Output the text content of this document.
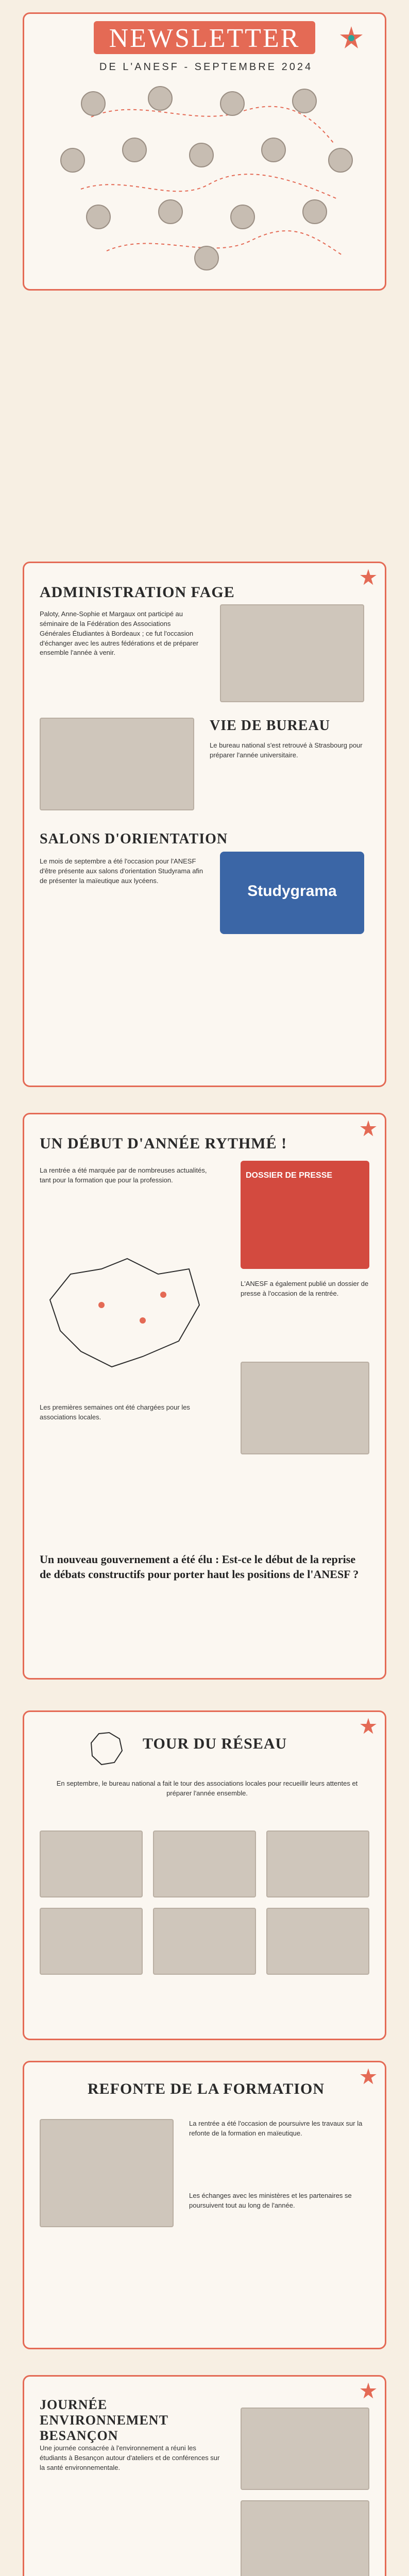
NEWSLETTER
DE L'ANESF - SEPTEMBRE 2024
ADMINISTRATION FAGE
Paloty, Anne-Sophie et Margaux ont participé au séminaire de la Fédération des Associations Générales Étudiantes à Bordeaux ; ce fut l'occasion d'échanger avec les autres fédérations et de préparer ensemble l'année à venir.
VIE DE BUREAU
Le bureau national s'est retrouvé à Strasbourg pour préparer l'année universitaire.
SALONS D'ORIENTATION
Le mois de septembre a été l'occasion pour l'ANESF d'être présente aux salons d'orientation Studyrama afin de présenter la maïeutique aux lycéens.
Studygrama
UN DÉBUT D'ANNÉE RYTHMÉ !
La rentrée a été marquée par de nombreuses actualités, tant pour la formation que pour la profession.
DOSSIER DE PRESSE
L'ANESF a également publié un dossier de presse à l'occasion de la rentrée.
Les premières semaines ont été chargées pour les associations locales.
Un nouveau gouvernement a été élu : Est-ce le début de la reprise de débats constructifs pour porter haut les positions de l'ANESF ?
TOUR DU RÉSEAU
En septembre, le bureau national a fait le tour des associations locales pour recueillir leurs attentes et préparer l'année ensemble.
REFONTE DE LA FORMATION
La rentrée a été l'occasion de poursuivre les travaux sur la refonte de la formation en maïeutique.
Les échanges avec les ministères et les partenaires se poursuivent tout au long de l'année.
JOURNÉE ENVIRONNEMENT BESANÇON
Une journée consacrée à l'environnement a réuni les étudiants à Besançon autour d'ateliers et de conférences sur la santé environnementale.
